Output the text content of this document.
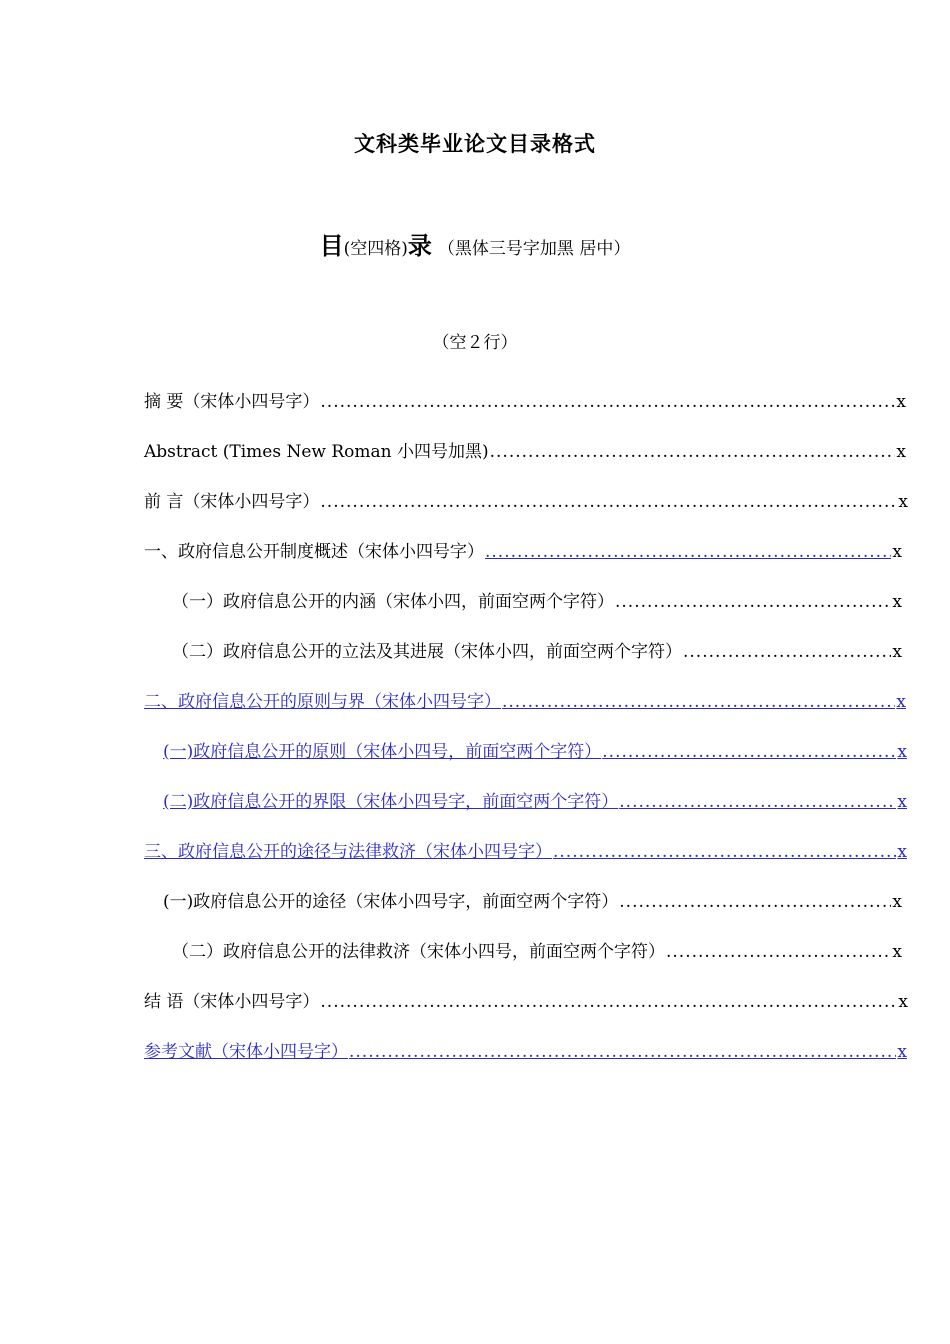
文科类毕业论文目录格式
目(空四格)录 （黑体三号字加黑 居中）
（空２行）
摘 要（宋体小四号字） .....	x
Abstract (Times New Roman 小四号加黑) .....	x
前 言（宋体小四号字） .....	x
一、政府信息公开制度概述（宋体小四号字） .....	x
（一）政府信息公开的内涵（宋体小四，前面空两个字符） .....	x
（二）政府信息公开的立法及其进展（宋体小四，前面空两个字符） .....	x
二、政府信息公开的原则与界（宋体小四号字） .....	x
(一)政府信息公开的原则（宋体小四号，前面空两个字符） .....	x
(二)政府信息公开的界限（宋体小四号字，前面空两个字符） .....	x
三、政府信息公开的途径与法律救济（宋体小四号字） .....	x
(一)政府信息公开的途径（宋体小四号字，前面空两个字符） .....	x
（二）政府信息公开的法律救济（宋体小四号，前面空两个字符） .....	x
结 语（宋体小四号字） .....	x
参考文献（宋体小四号字） .....	x
